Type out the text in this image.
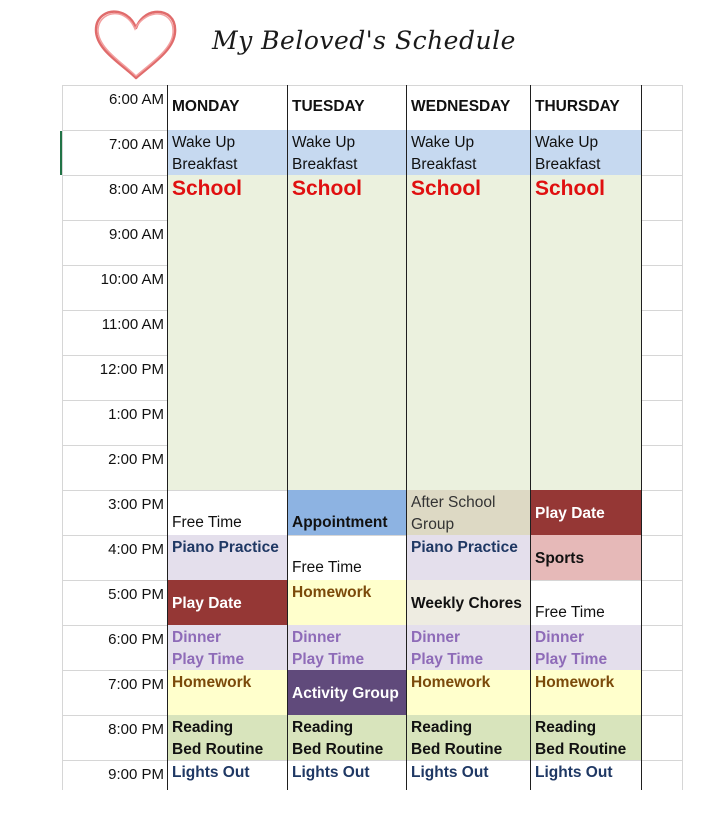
My Beloved's Schedule
6:00 AM
7:00 AM
8:00 AM
9:00 AM
10:00 AM
11:00 AM
12:00 PM
1:00 PM
2:00 PM
3:00 PM
4:00 PM
5:00 PM
6:00 PM
7:00 PM
8:00 PM
9:00 PM
MONDAY	TUESDAY	WEDNESDAY THURSDAY
Wake Up
Breakfast
School
Free Time
Piano Practice
Play Date
Dinner
Play Time
Homework
Reading
Bed Routine
Lights Out
Wake Up
Breakfast
School
Appointment
Free Time
Homework
Dinner
Play Time
Activity Group
Reading
Bed Routine
Lights Out
Wake Up
Breakfast
School
After School
Group
Piano Practice
Weekly Chores
Dinner
Play Time
Homework
Reading
Bed Routine
Lights Out
Wake Up
Breakfast
School
Play Date
Sports
Free Time
Dinner
Play Time
Homework
Reading
Bed Routine
Lights Out
